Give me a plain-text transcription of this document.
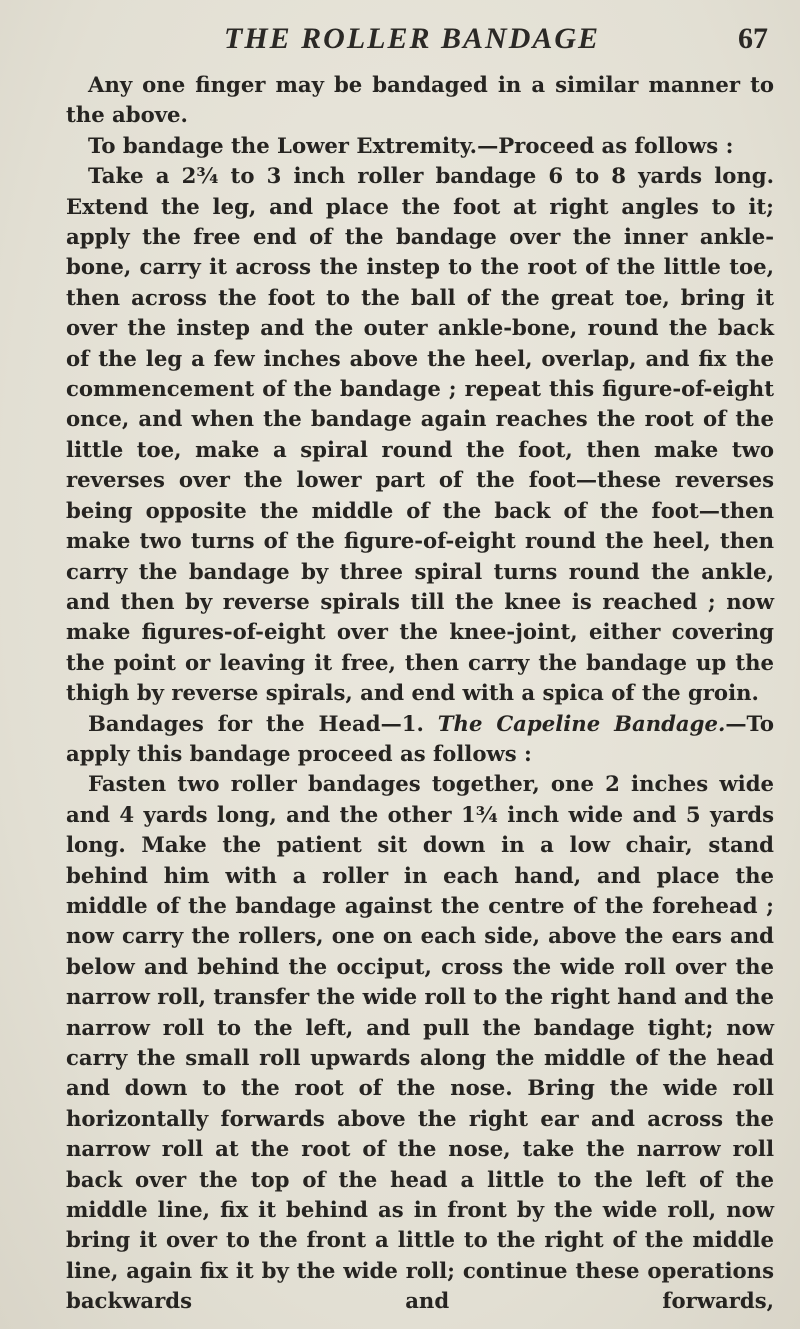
THE ROLLER BANDAGE	67

Any one finger may be bandaged in a similar manner to the above.

To bandage the Lower Extremity.—Proceed as follows :

Take a 2¾ to 3 inch roller bandage 6 to 8 yards long. Extend the leg, and place the foot at right angles to it; apply the free end of the bandage over the inner ankle-bone, carry it across the instep to the root of the little toe, then across the foot to the ball of the great toe, bring it over the instep and the outer ankle-bone, round the back of the leg a few inches above the heel, overlap, and fix the commencement of the bandage ; repeat this figure-of-eight once, and when the bandage again reaches the root of the little toe, make a spiral round the foot, then make two reverses over the lower part of the foot—these reverses being opposite the middle of the back of the foot—then make two turns of the figure-of-eight round the heel, then carry the bandage by three spiral turns round the ankle, and then by reverse spirals till the knee is reached ; now make figures-of-eight over the knee-joint, either covering the point or leaving it free, then carry the bandage up the thigh by reverse spirals, and end with a spica of the groin.

Bandages for the Head—1. The Capeline Bandage.—To apply this bandage proceed as follows :

Fasten two roller bandages together, one 2 inches wide and 4 yards long, and the other 1¾ inch wide and 5 yards long. Make the patient sit down in a low chair, stand behind him with a roller in each hand, and place the middle of the bandage against the centre of the forehead ; now carry the rollers, one on each side, above the ears and below and behind the occiput, cross the wide roll over the narrow roll, transfer the wide roll to the right hand and the narrow roll to the left, and pull the bandage tight; now carry the small roll upwards along the middle of the head and down to the root of the nose. Bring the wide roll horizontally forwards above the right ear and across the narrow roll at the root of the nose, take the narrow roll back over the top of the head a little to the left of the middle line, fix it behind as in front by the wide roll, now bring it over to the front a little to the right of the middle line, again fix it by the wide roll; continue these operations backwards and forwards,
